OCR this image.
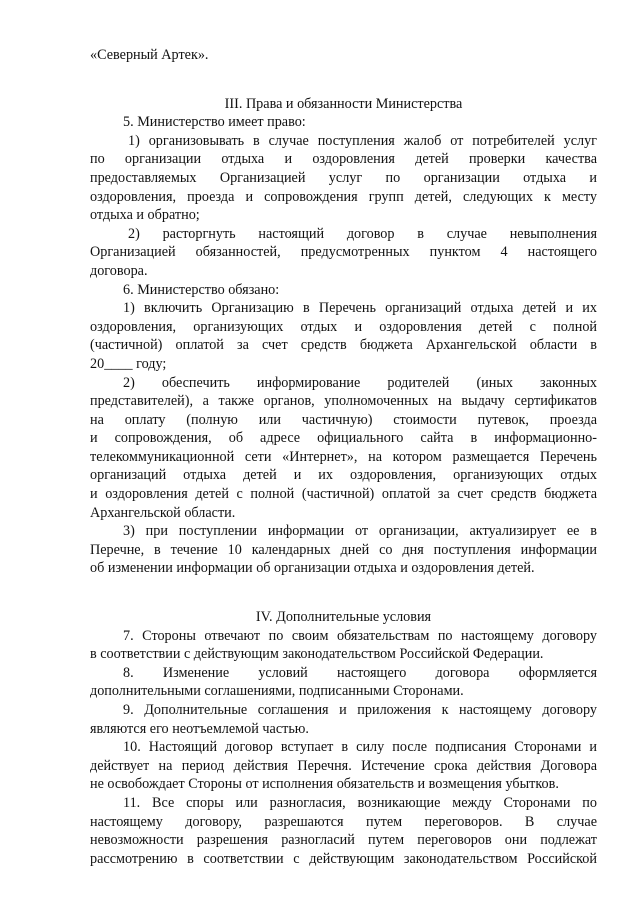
«Северный Артек».
III. Права и обязанности Министерства
5. Министерство имеет право:
1) организовывать в случае поступления жалоб от потребителей услуг
по организации отдыха и оздоровления детей проверки качества
предоставляемых Организацией услуг по организации отдыха и
оздоровления, проезда и сопровождения групп детей, следующих к месту
отдыха и обратно;
2) расторгнуть настоящий договор в случае невыполнения
Организацией обязанностей, предусмотренных пунктом 4 настоящего
договора.
6. Министерство обязано:
1) включить Организацию в Перечень организаций отдыха детей и их
оздоровления, организующих отдых и оздоровления детей с полной
(частичной) оплатой за счет средств бюджета Архангельской области в
20____ году;
2) обеспечить информирование родителей (иных законных
представителей), а также органов, уполномоченных на выдачу сертификатов
на оплату (полную или частичную) стоимости путевок, проезда
и сопровождения, об адресе официального сайта в информационно-
телекоммуникационной сети «Интернет», на котором размещается Перечень
организаций отдыха детей и их оздоровления, организующих отдых
и оздоровления детей с полной (частичной) оплатой за счет средств бюджета
Архангельской области.
3) при поступлении информации от организации, актуализирует ее в
Перечне, в течение 10 календарных дней со дня поступления информации
об изменении информации об организации отдыха и оздоровления детей.
IV. Дополнительные условия
7. Стороны отвечают по своим обязательствам по настоящему договору
в соответствии с действующим законодательством Российской Федерации.
8. Изменение условий настоящего договора оформляется
дополнительными соглашениями, подписанными Сторонами.
9. Дополнительные соглашения и приложения к настоящему договору
являются его неотъемлемой частью.
10. Настоящий договор вступает в силу после подписания Сторонами и
действует на период действия Перечня. Истечение срока действия Договора
не освобождает Стороны от исполнения обязательств и возмещения убытков.
11. Все споры или разногласия, возникающие между Сторонами по
настоящему договору, разрешаются путем переговоров. В случае
невозможности разрешения разногласий путем переговоров они подлежат
рассмотрению в соответствии с действующим законодательством Российской
